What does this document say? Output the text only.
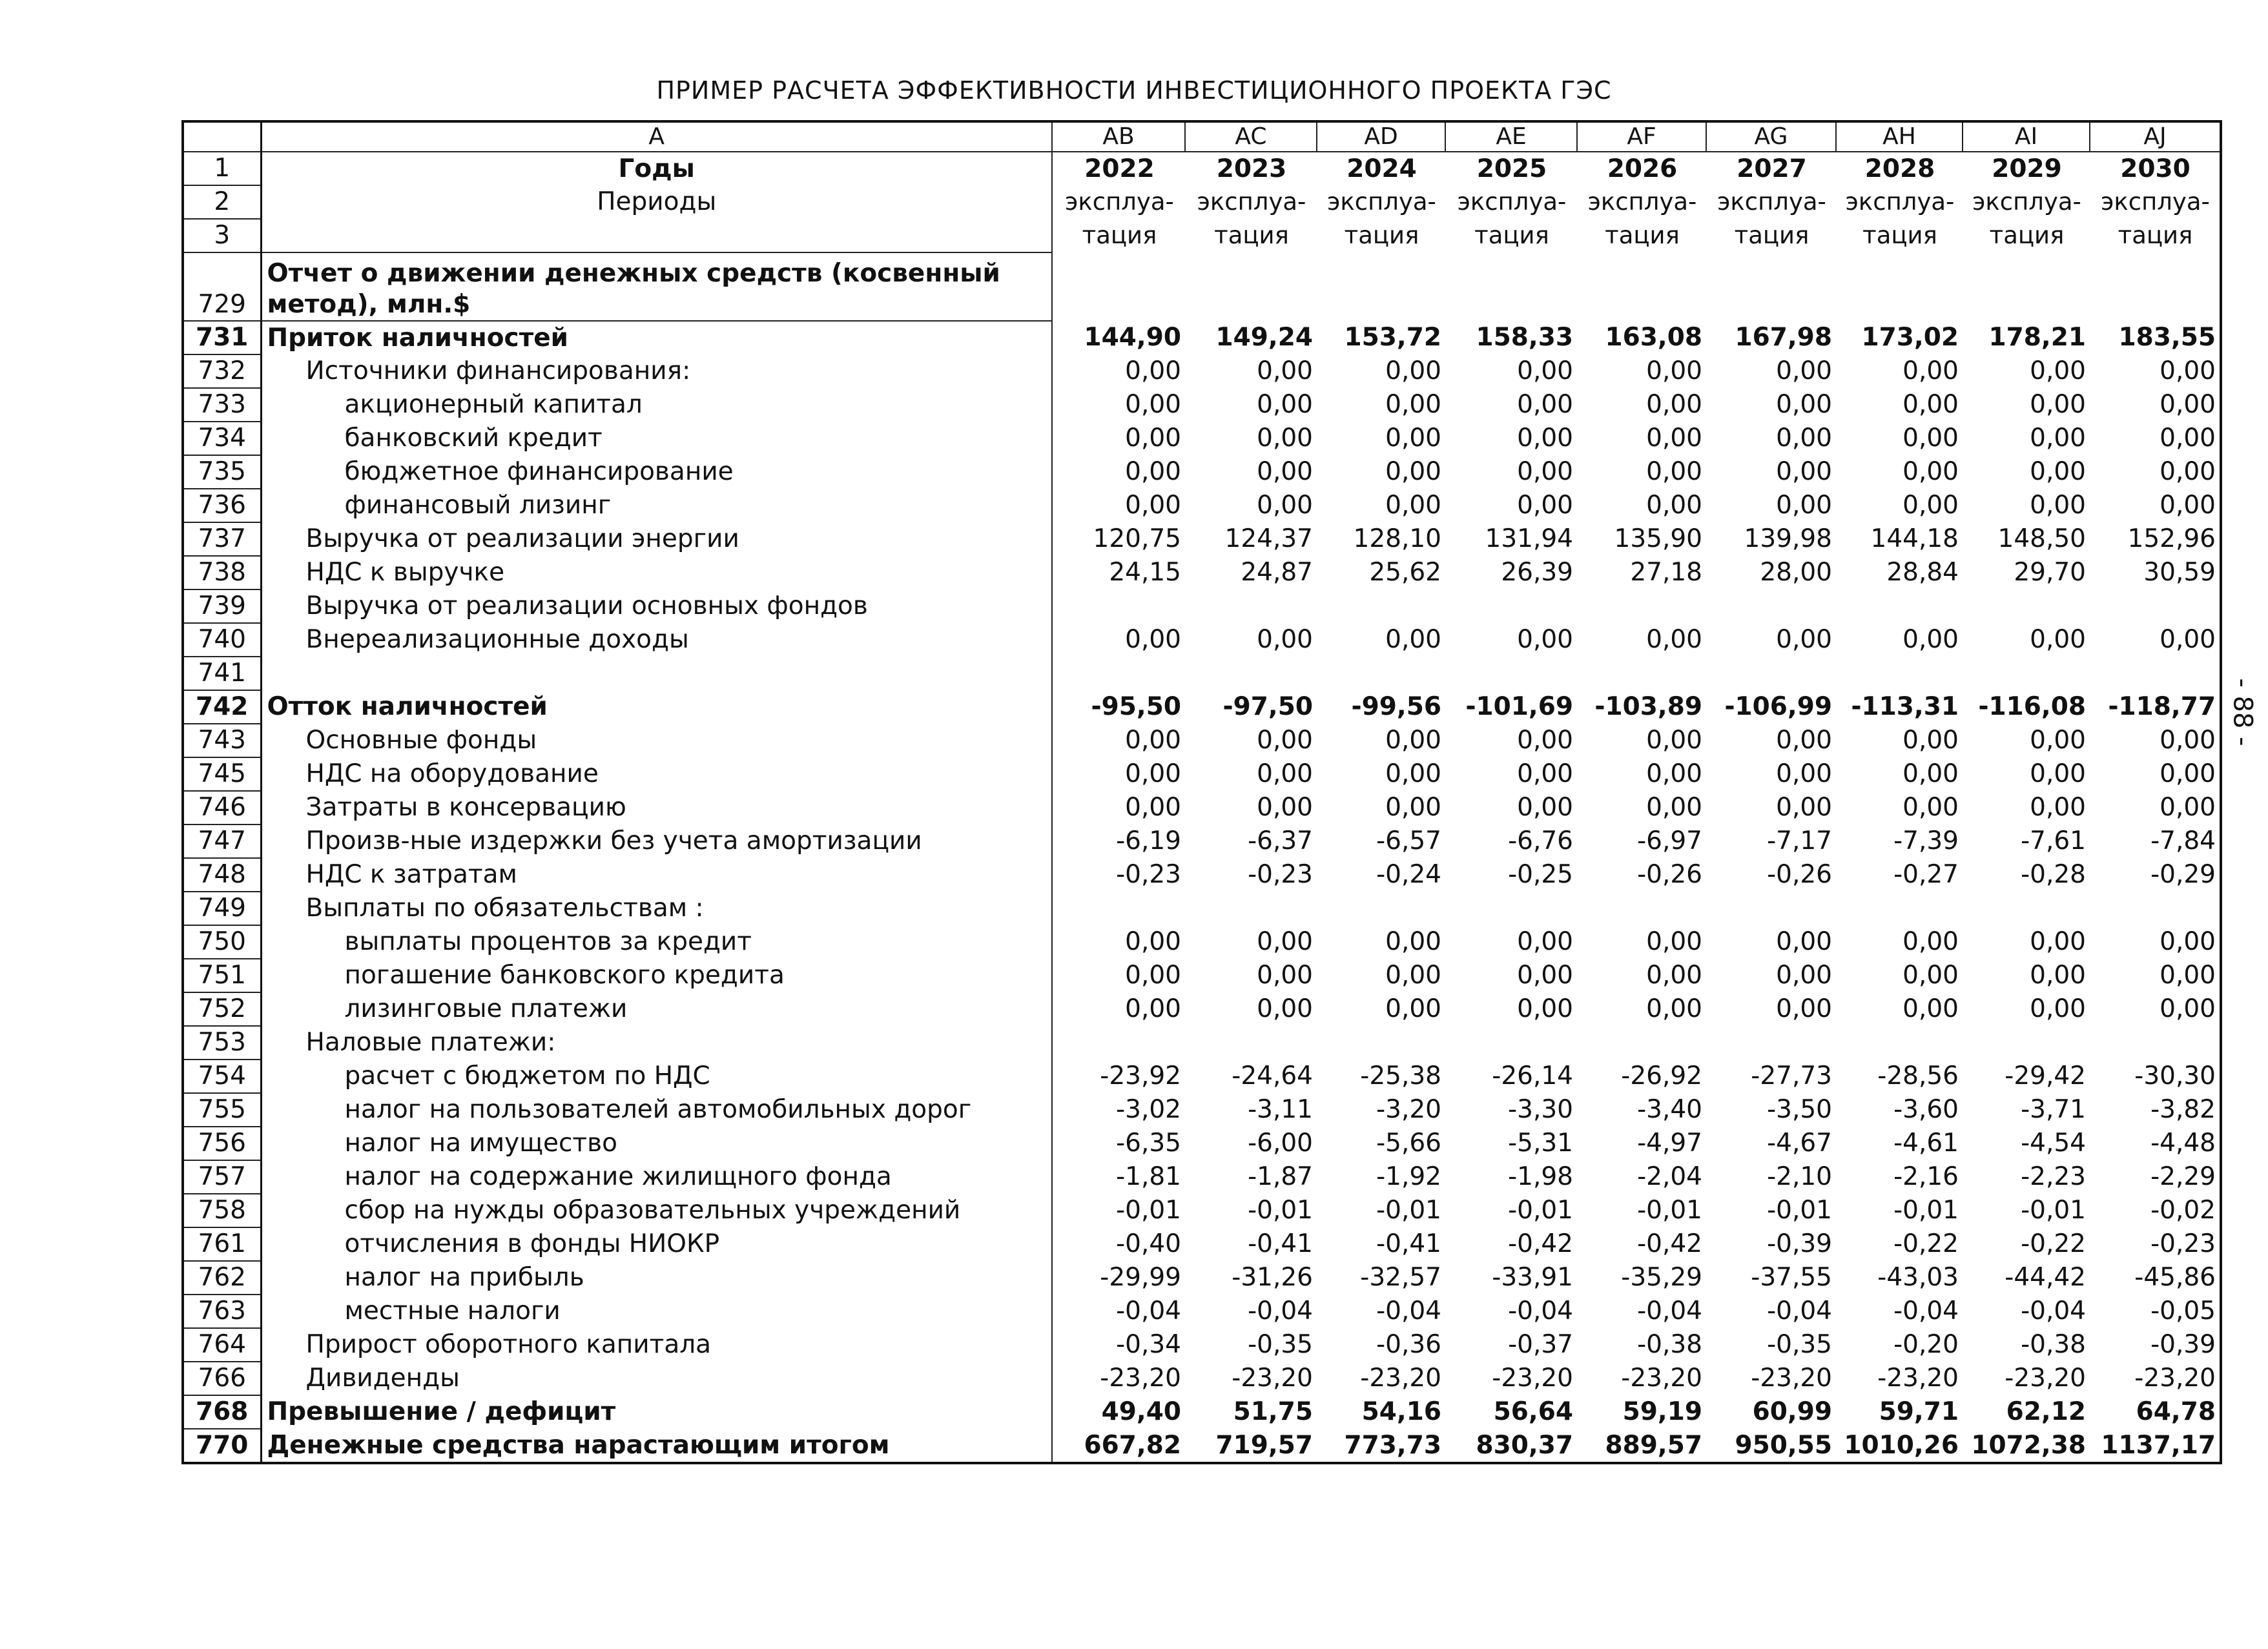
ПРИМЕР РАСЧЕТА ЭФФЕКТИВНОСТИ ИНВЕСТИЦИОННОГО ПРОЕКТА ГЭС
	A	AB	AC	AD	AE	AF	AG	AH	AI	AJ
1	Годы	2022	2023	2024	2025	2026	2027	2028	2029	2030
2	Периоды	эксплуа-	эксплуа-	эксплуа-	эксплуа-	эксплуа-	эксплуа-	эксплуа-	эксплуа-	эксплуа-
3		тация	тация	тация	тация	тация	тация	тация	тация	тация
729	Отчет о движении денежных средств (косвенный метод), млн.$									
731	Приток наличностей	144,90	149,24	153,72	158,33	163,08	167,98	173,02	178,21	183,55
732	Источники финансирования:	0,00	0,00	0,00	0,00	0,00	0,00	0,00	0,00	0,00
733	акционерный капитал	0,00	0,00	0,00	0,00	0,00	0,00	0,00	0,00	0,00
734	банковский кредит	0,00	0,00	0,00	0,00	0,00	0,00	0,00	0,00	0,00
735	бюджетное финансирование	0,00	0,00	0,00	0,00	0,00	0,00	0,00	0,00	0,00
736	финансовый лизинг	0,00	0,00	0,00	0,00	0,00	0,00	0,00	0,00	0,00
737	Выручка от реализации энергии	120,75	124,37	128,10	131,94	135,90	139,98	144,18	148,50	152,96
738	НДС к выручке	24,15	24,87	25,62	26,39	27,18	28,00	28,84	29,70	30,59
739	Выручка от реализации основных фондов									
740	Внереализационные доходы	0,00	0,00	0,00	0,00	0,00	0,00	0,00	0,00	0,00
741										
742	Отток наличностей	-95,50	-97,50	-99,56	-101,69	-103,89	-106,99	-113,31	-116,08	-118,77
743	Основные фонды	0,00	0,00	0,00	0,00	0,00	0,00	0,00	0,00	0,00
745	НДС на оборудование	0,00	0,00	0,00	0,00	0,00	0,00	0,00	0,00	0,00
746	Затраты в консервацию	0,00	0,00	0,00	0,00	0,00	0,00	0,00	0,00	0,00
747	Произв-ные издержки без учета амортизации	-6,19	-6,37	-6,57	-6,76	-6,97	-7,17	-7,39	-7,61	-7,84
748	НДС к затратам	-0,23	-0,23	-0,24	-0,25	-0,26	-0,26	-0,27	-0,28	-0,29
749	Выплаты по обязательствам :									
750	выплаты процентов за кредит	0,00	0,00	0,00	0,00	0,00	0,00	0,00	0,00	0,00
751	погашение банковского кредита	0,00	0,00	0,00	0,00	0,00	0,00	0,00	0,00	0,00
752	лизинговые платежи	0,00	0,00	0,00	0,00	0,00	0,00	0,00	0,00	0,00
753	Наловые платежи:									
754	расчет с бюджетом по НДС	-23,92	-24,64	-25,38	-26,14	-26,92	-27,73	-28,56	-29,42	-30,30
755	налог на пользователей автомобильных дорог	-3,02	-3,11	-3,20	-3,30	-3,40	-3,50	-3,60	-3,71	-3,82
756	налог на имущество	-6,35	-6,00	-5,66	-5,31	-4,97	-4,67	-4,61	-4,54	-4,48
757	налог на содержание жилищного фонда	-1,81	-1,87	-1,92	-1,98	-2,04	-2,10	-2,16	-2,23	-2,29
758	сбор на нужды образовательных учреждений	-0,01	-0,01	-0,01	-0,01	-0,01	-0,01	-0,01	-0,01	-0,02
761	отчисления в фонды НИОКР	-0,40	-0,41	-0,41	-0,42	-0,42	-0,39	-0,22	-0,22	-0,23
762	налог на прибыль	-29,99	-31,26	-32,57	-33,91	-35,29	-37,55	-43,03	-44,42	-45,86
763	местные налоги	-0,04	-0,04	-0,04	-0,04	-0,04	-0,04	-0,04	-0,04	-0,05
764	Прирост оборотного капитала	-0,34	-0,35	-0,36	-0,37	-0,38	-0,35	-0,20	-0,38	-0,39
766	Дивиденды	-23,20	-23,20	-23,20	-23,20	-23,20	-23,20	-23,20	-23,20	-23,20
768	Превышение / дефицит	49,40	51,75	54,16	56,64	59,19	60,99	59,71	62,12	64,78
770	Денежные средства нарастающим итогом	667,82	719,57	773,73	830,37	889,57	950,55	1010,26	1072,38	1137,17
- 88 -
